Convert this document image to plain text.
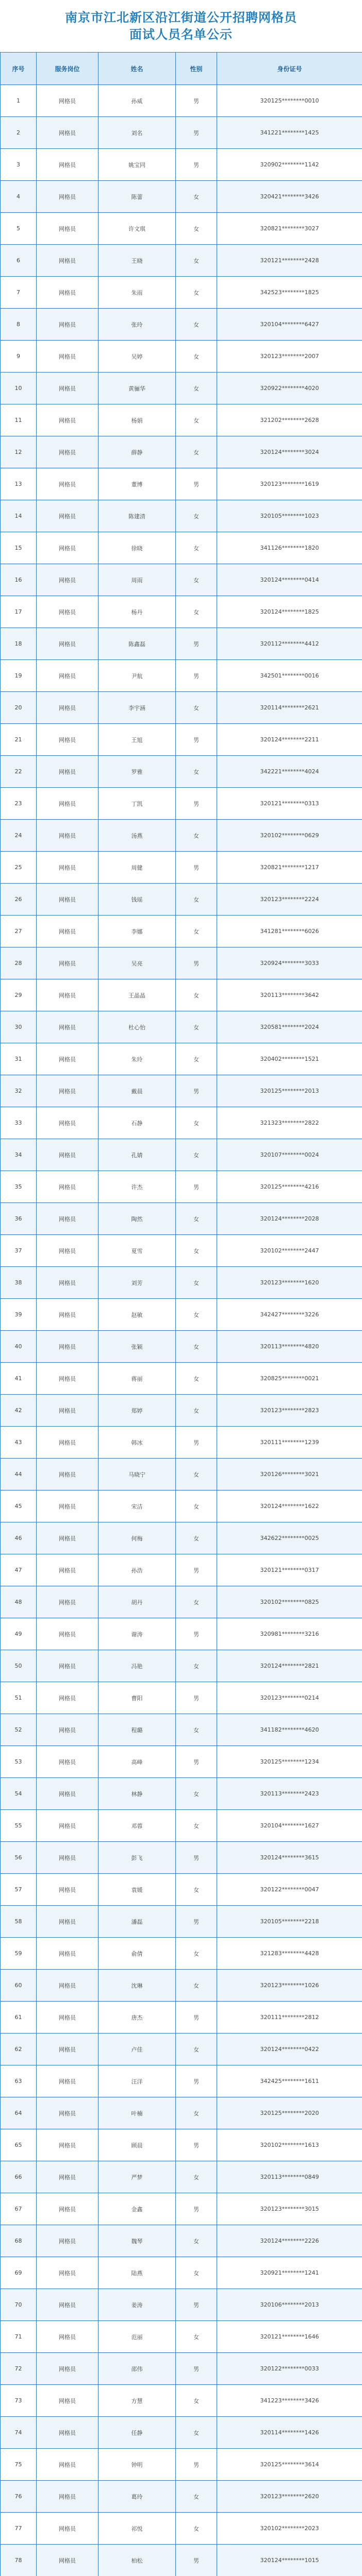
南京市江北新区沿江街道公开招聘网格员
面试人员名单公示
序号	服务岗位	姓名	性别	身份证号
1	网格员	孙威	男	320125********0010
2	网格员	刘名	男	341221********1425
3	网格员	姚宝同	男	320902********1142
4	网格员	陈蕾	女	320421********3426
5	网格员	许文琪	女	320821********3027
6	网格员	王晓	女	320121********2428
7	网格员	朱雨	女	342523********1825
8	网格员	张玲	女	320104********6427
9	网格员	吴婷	女	320123********2007
10	网格员	黄骊华	女	320922********4020
11	网格员	杨娟	女	321202********2628
12	网格员	薛静	女	320124********3024
13	网格员	董博	男	320123********1619
14	网格员	陈建清	女	320105********1023
15	网格员	徐晓	女	341126********1820
16	网格员	周雨	女	320124********0414
17	网格员	杨丹	女	320124********1825
18	网格员	陈鑫磊	男	320112********4412
19	网格员	尹航	男	342501********0016
20	网格员	李宇涵	女	320114********2621
21	网格员	王旭	男	320124********2211
22	网格员	罗雅	女	342221********4024
23	网格员	丁凯	男	320121********0313
24	网格员	汤燕	女	320102********0629
25	网格员	周健	男	320821********1217
26	网格员	钱瑶	女	320123********2224
27	网格员	李娜	女	341281********6026
28	网格员	吴亮	男	320924********3033
29	网格员	王晶晶	女	320113********3642
30	网格员	杜心怡	女	320581********2024
31	网格员	朱玲	女	320402********1521
32	网格员	戴晨	男	320125********2013
33	网格员	石静	女	321323********2822
34	网格员	孔婧	女	320107********0024
35	网格员	许杰	男	320125********4216
36	网格员	陶然	女	320124********2028
37	网格员	夏雪	女	320102********2447
38	网格员	刘芳	女	320123********1620
39	网格员	赵敏	女	342427********3226
40	网格员	张颖	女	320113********4820
41	网格员	蒋丽	女	320825********0021
42	网格员	郑婷	女	320123********2823
43	网格员	韩冰	男	320111********1239
44	网格员	马晓宁	女	320126********3021
45	网格员	宋洁	女	320124********1622
46	网格员	何梅	女	342622********0025
47	网格员	孙浩	男	320121********0317
48	网格员	胡丹	女	320102********0825
49	网格员	谢涛	男	320981********3216
50	网格员	冯艳	女	320124********2821
51	网格员	曹阳	男	320123********0214
52	网格员	程璐	女	341182********4620
53	网格员	高峰	男	320125********1234
54	网格员	林静	女	320113********2423
55	网格员	邓蓉	女	320104********1627
56	网格员	彭飞	男	320124********3615
57	网格员	袁媛	女	320122********0047
58	网格员	潘磊	男	320105********2218
59	网格员	俞倩	女	321283********4428
60	网格员	沈琳	女	320123********1026
61	网格员	唐杰	男	320111********2812
62	网格员	卢佳	女	320124********0422
63	网格员	汪洋	男	342425********1611
64	网格员	叶楠	女	320125********2020
65	网格员	顾晨	男	320102********1613
66	网格员	严梦	女	320113********0849
67	网格员	金鑫	男	320123********3015
68	网格员	魏琴	女	320124********2226
69	网格员	陆燕	女	320921********1241
70	网格员	姜涛	男	320106********2013
71	网格员	范丽	女	320121********1646
72	网格员	邵伟	男	320122********0033
73	网格员	方慧	女	341223********3426
74	网格员	任静	女	320114********1426
75	网格员	钟明	男	320125********3614
76	网格员	葛玲	女	320123********2620
77	网格员	祁悦	女	320102********2023
78	网格员	柏松	男	320124********1015
